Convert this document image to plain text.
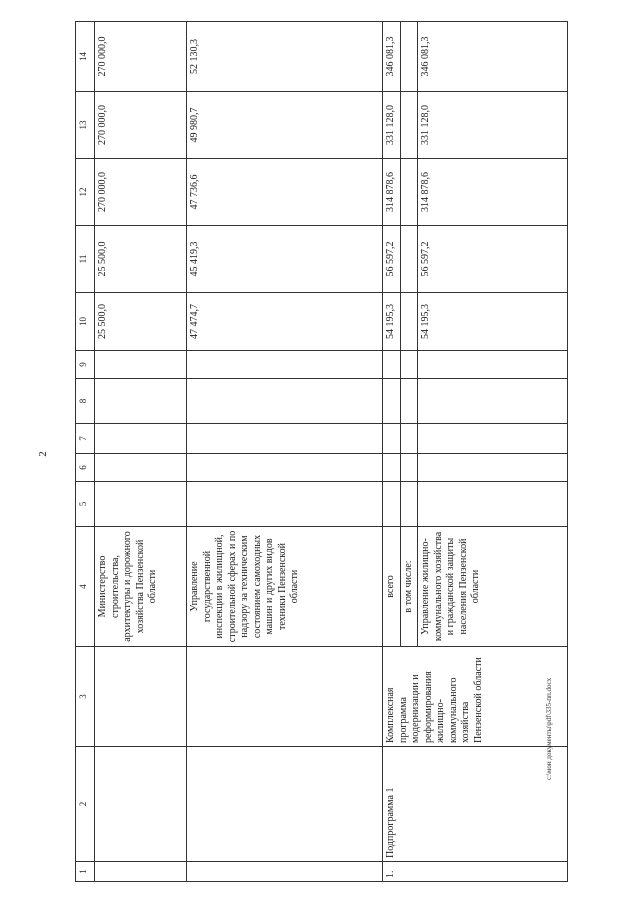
2
1	2	3	4	5	6	7	8	9	10	11	12	13	14
			Министерство строительства, архитектуры и дорожного хозяйства Пензенской области						25 500,0	25 500,0	270 000,0	270 000,0	270 000,0
			Управление государственной инспекции в жилищной, строительной сферах и по надзору за техническим состоянием самоходных машин и других видов техники Пензенской области						47 474,7	45 419,3	47 736,6	49 980,7	52 130,3
1.	Подпрограмма 1	Комплексная программа модернизации и реформирования жилищно-коммунального хозяйства Пензенской области	всего						54 195,3	56 597,2	314 878,6	331 128,0	346 081,3
			в том числе:										
			Управление жилищно-коммунального хозяйства и гражданской защиты населения Пензенской области						54 195,3	56 597,2	314 878,6	331 128,0	346 081,3
c:\мои документы\pdf\335-пп.docx
